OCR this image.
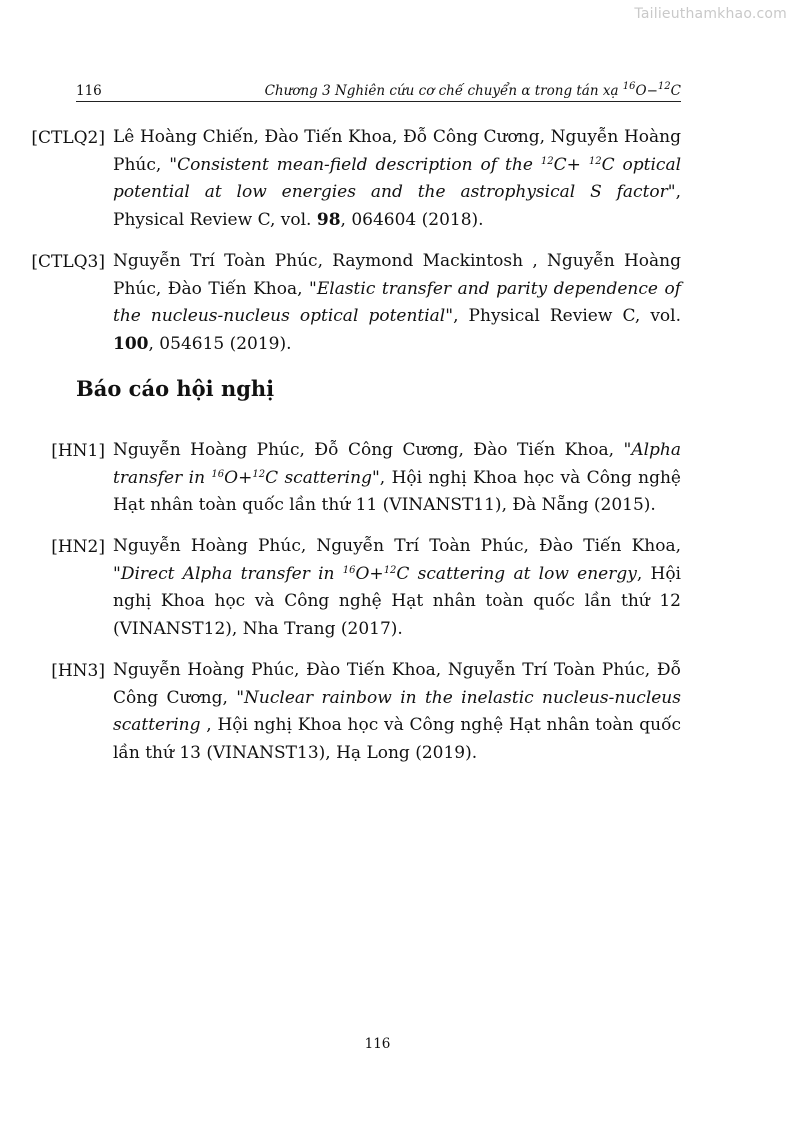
Tailieuthamkhao.com
116	Chương 3 Nghiên cứu cơ chế chuyển α trong tán xạ $^{16}$O−$^{12}$C
[CTLQ2] Lê Hoàng Chiến, Đào Tiến Khoa, Đỗ Công Cương, Nguyễn Hoàng Phúc, "Consistent mean-field description of the $^{12}$C+ $^{12}$C optical potential at low energies and the astrophysical S factor", Physical Review C, vol. 98, 064604 (2018).
[CTLQ3] Nguyễn Trí Toàn Phúc, Raymond Mackintosh , Nguyễn Hoàng Phúc, Đào Tiến Khoa, "Elastic transfer and parity dependence of the nucleus-nucleus optical potential", Physical Review C, vol. 100, 054615 (2019).
Báo cáo hội nghị
[HN1] Nguyễn Hoàng Phúc, Đỗ Công Cương, Đào Tiến Khoa, "Alpha transfer in $^{16}$O+$^{12}$C scattering", Hội nghị Khoa học và Công nghệ Hạt nhân toàn quốc lần thứ 11 (VINANST11), Đà Nẵng (2015).
[HN2] Nguyễn Hoàng Phúc, Nguyễn Trí Toàn Phúc, Đào Tiến Khoa, "Direct Alpha transfer in $^{16}$O+$^{12}$C scattering at low energy, Hội nghị Khoa học và Công nghệ Hạt nhân toàn quốc lần thứ 12 (VINANST12), Nha Trang (2017).
[HN3] Nguyễn Hoàng Phúc, Đào Tiến Khoa, Nguyễn Trí Toàn Phúc, Đỗ Công Cương, "Nuclear rainbow in the inelastic nucleus-nucleus scattering , Hội nghị Khoa học và Công nghệ Hạt nhân toàn quốc lần thứ 13 (VINANST13), Hạ Long (2019).
116
